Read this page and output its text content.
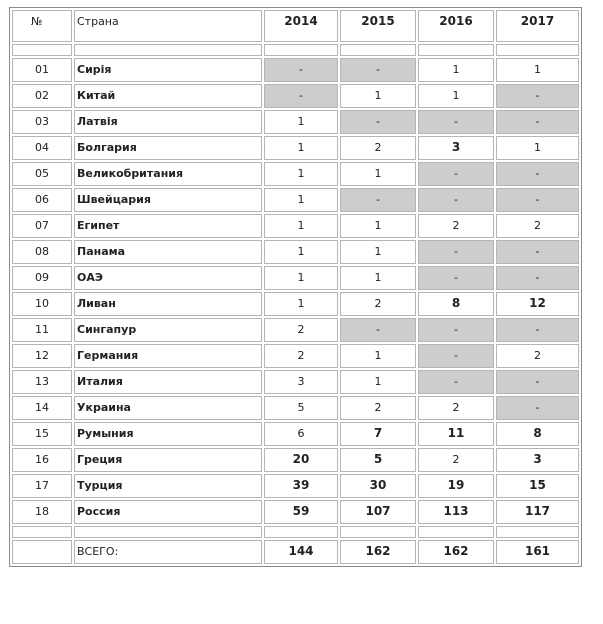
№	Страна	2014	2015	2016	2017

01	Сирія	-	-	1	1
02	Китай	-	1	1	-
03	Латвія	1	-	-	-
04	Болгария	1	2	3	1
05	Великобритания	1	1	-	-
06	Швейцария	1	-	-	-
07	Египет	1	1	2	2
08	Панама	1	1	-	-
09	ОАЭ	1	1	-	-
10	Ливан	1	2	8	12
11	Сингапур	2	-	-	-
12	Германия	2	1	-	2
13	Италия	3	1	-	-
14	Украина	5	2	2	-
15	Румыния	6	7	11	8
16	Греция	20	5	2	3
17	Турция	39	30	19	15
18	Россия	59	107	113	117

	ВСЕГО:	144	162	162	161
